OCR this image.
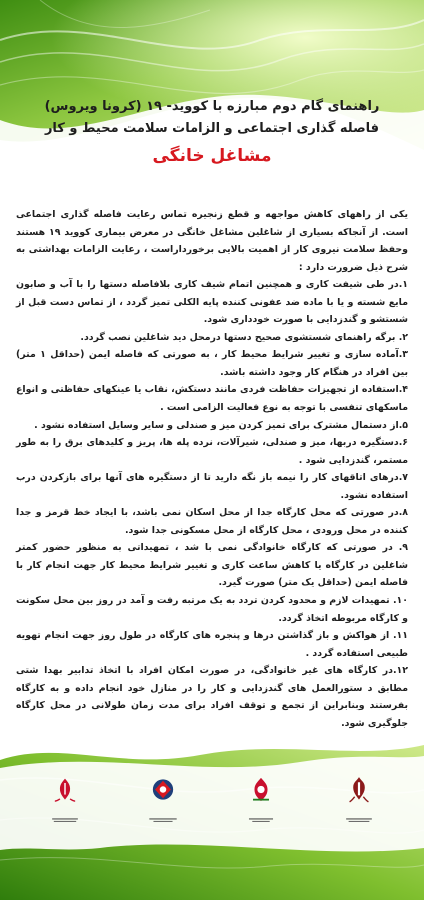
راهنمای گام دوم مبارزه با کووید- ۱۹ (کرونا ویروس)

فاصله گذاری اجتماعی و الزامات سلامت محیط و کار

مشاغل خانگی

یکی از راههای کاهش مواجهه و قطع زنجیره تماس رعایت فاصله گذاری اجتماعی است. از آنجاکه بسیاری از شاغلین مشاغل خانگی در معرض بیماری کووید ۱۹ هستند وحفظ سلامت نیروی کار از اهمیت بالایی برخورداراست ، رعایت الزامات بهداشتی به شرح ذیل ضرورت دارد :

۱.در طی شیفت کاری و همچنین اتمام شیف کاری بلافاصله دستها را با آب و صابون مایع شسته و یا با ماده ضد عفونی کننده پایه الکلی تمیز گردد ، از تماس دست قبل از شستشو و گندزدایی با صورت خودداری شود.

۲. برگه راهنمای شستشوی صحیح دستها درمحل دید شاغلین نصب گردد.

۳.آماده سازی و تغییر شرایط محیط کار ، به صورتی که فاصله ایمن (حداقل ۱ متر) بین افراد در هنگام کار وجود داشته باشد.

۴.استفاده از تجهیزات حفاظت فردی مانند دستکش، نقاب یا عینکهای حفاظتی و انواع ماسکهای تنفسی با توجه به نوع فعالیت الزامی است .

۵.از دستمال مشترک برای تمیز کردن میز و صندلی و سایر وسایل استفاده نشود .

۶.دستگیره دربها، میز و صندلی، شیرآلات، نرده پله ها، پریز و کلیدهای برق را به طور مستمر، گندزدایی شود .

۷.درهای اتاقهای کار را نیمه باز نگه دارید تا از دستگیره های آنها برای بازکردن درب استفاده نشود.

۸.در صورتی که محل کارگاه جدا از محل اسکان نمی باشد، با ایجاد خط قرمز و جدا کننده در محل ورودی ، محل کارگاه از محل مسکونی جدا شود.

۹. در صورتی که کارگاه خانوادگی نمی با شد ، تمهیداتی به منظور حضور کمتر شاغلین در کارگاه یا کاهش ساعت کاری و تغییر شرایط محیط کار جهت انجام کار با فاصله ایمن (حداقل یک متر) صورت گیرد.

۱۰. تمهیدات لازم و محدود کردن تردد به یک مرتبه رفت و آمد در روز بین محل سکونت و کارگاه مربوطه اتخاذ گردد.

۱۱. از هواکش و باز گذاشتن درها و پنجره های کارگاه در طول روز جهت انجام تهویه طبیعی استفاده گردد .

۱۲.در کارگاه های غیر خانوادگی، در صورت امکان افراد با اتخاذ تدابیر بهدا شتی مطابق د ستورالعمل های گندزدایی و کار را در منازل خود انجام داده و به کارگاه بفرستند وبنابراین از تجمع و توقف افراد برای مدت زمان طولانی در محل کارگاه جلوگیری شود.
